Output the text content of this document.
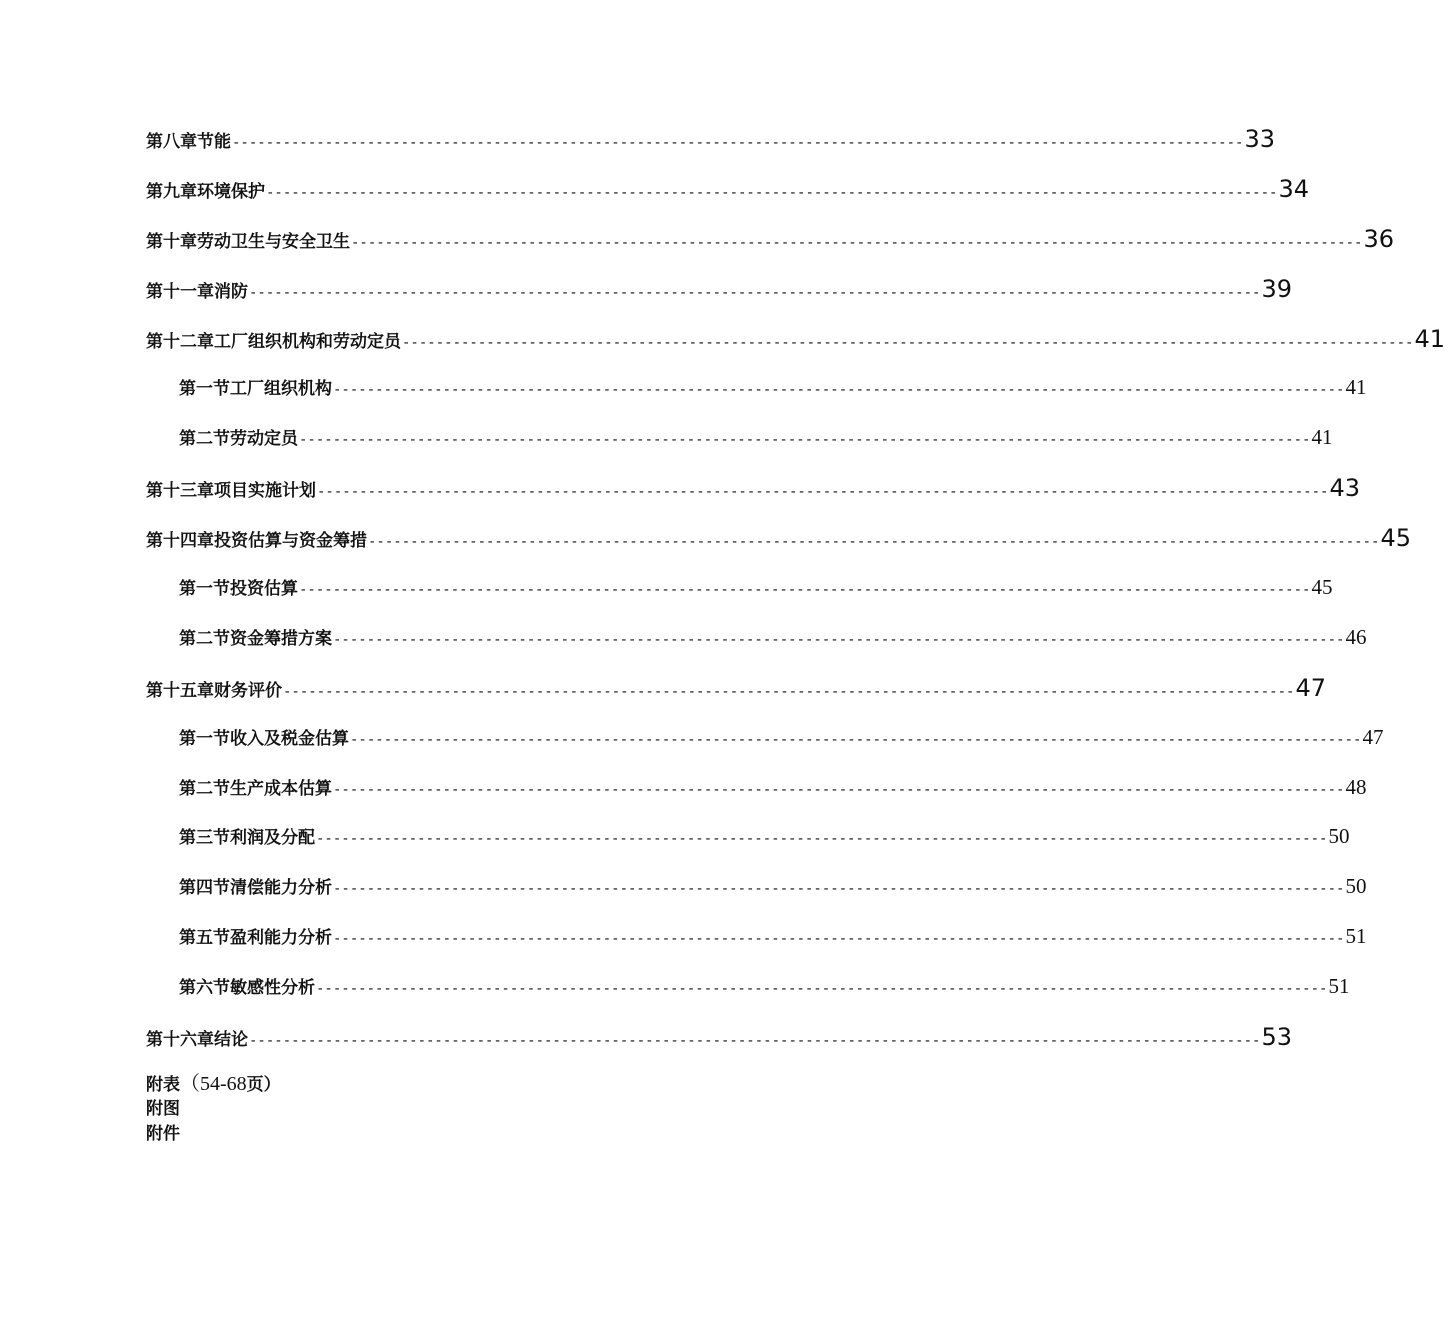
第八章 节能 ------------------------------------------------------------------------------------------------------------------------ 33
第九章 环境保护 ------------------------------------------------------------------------------------------------------------------------ 34
第十章 劳动卫生与安全卫生 ------------------------------------------------------------------------------------------------------------------------ 36
第十一章 消防 ------------------------------------------------------------------------------------------------------------------------ 39
第十二章 工厂组织机构和劳动定员 ------------------------------------------------------------------------------------------------------------------------ 41
第一节 工厂组织机构 ------------------------------------------------------------------------------------------------------------------------ 41
第二节 劳动定员 ------------------------------------------------------------------------------------------------------------------------ 41
第十三章 项目实施计划 ------------------------------------------------------------------------------------------------------------------------ 43
第十四章 投资估算与资金筹措 ------------------------------------------------------------------------------------------------------------------------ 45
第一节 投资估算 ------------------------------------------------------------------------------------------------------------------------ 45
第二节 资金筹措方案 ------------------------------------------------------------------------------------------------------------------------ 46
第十五章 财务评价 ------------------------------------------------------------------------------------------------------------------------ 47
第一节 收入及税金估算 ------------------------------------------------------------------------------------------------------------------------ 47
第二节 生产成本估算 ------------------------------------------------------------------------------------------------------------------------ 48
第三节 利润及分配 ------------------------------------------------------------------------------------------------------------------------ 50
第四节 清偿能力分析 ------------------------------------------------------------------------------------------------------------------------ 50
第五节 盈利能力分析 ------------------------------------------------------------------------------------------------------------------------ 51
第六节 敏感性分析 ------------------------------------------------------------------------------------------------------------------------ 51
第十六章 结论 ------------------------------------------------------------------------------------------------------------------------ 53
附表（54-68页）
附图
附件
